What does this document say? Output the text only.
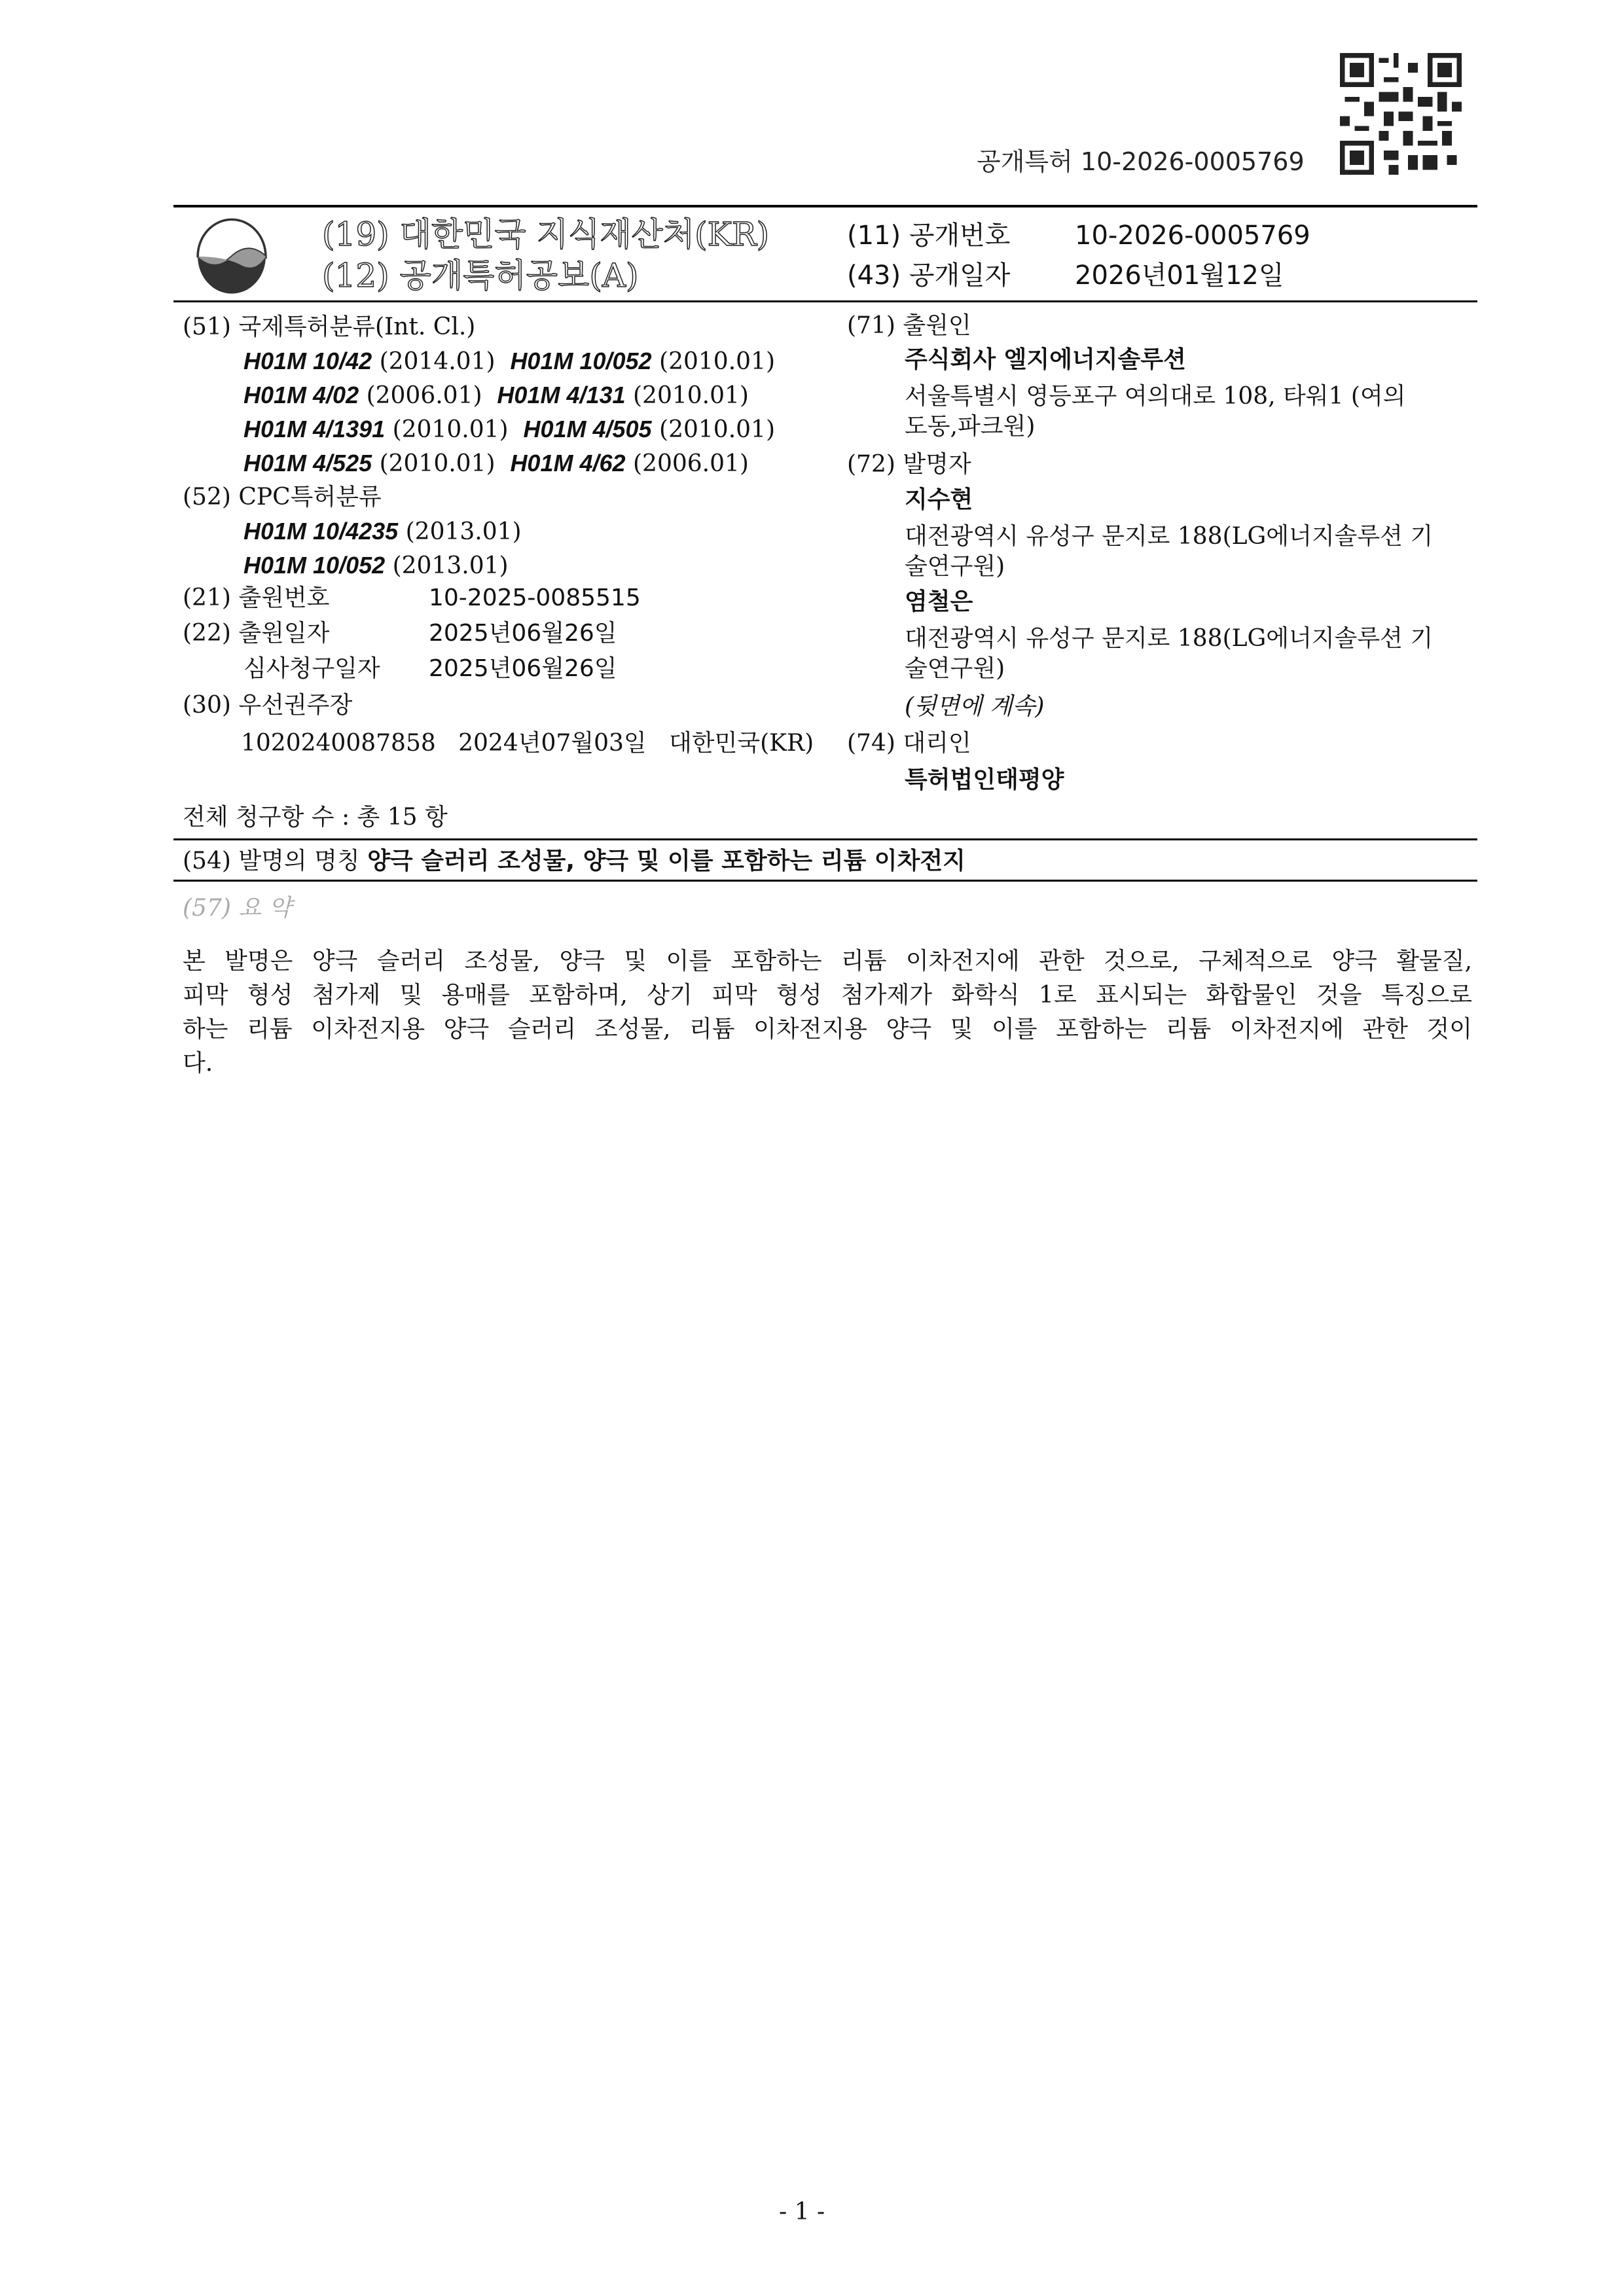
공개특허 10-2026-0005769
(19) 대한민국 지식재산처(KR)
(12) 공개특허공보(A)
(11) 공개번호 10-2026-0005769
(43) 공개일자 2026년01월12일
(51) 국제특허분류(Int. Cl.)
H01M 10/42 (2014.01) H01M 10/052 (2010.01)
H01M 4/02 (2006.01) H01M 4/131 (2010.01)
H01M 4/1391 (2010.01) H01M 4/505 (2010.01)
H01M 4/525 (2010.01) H01M 4/62 (2006.01)
(52) CPC특허분류
H01M 10/4235 (2013.01)
H01M 10/052 (2013.01)
(21) 출원번호	10-2025-0085515
(22) 출원일자	2025년06월26일
심사청구일자 2025년06월26일
(30) 우선권주장
1020240087858 2024년07월03일 대한민국(KR)
(71) 출원인
주식회사 엘지에너지솔루션
서울특별시 영등포구 여의대로 108, 타워1 (여의
도동,파크원)
(72) 발명자
지수현
대전광역시 유성구 문지로 188(LG에너지솔루션 기
술연구원)
염철은
대전광역시 유성구 문지로 188(LG에너지솔루션 기
술연구원)
(뒷면에 계속)
(74) 대리인
특허법인태평양
전체 청구항 수 : 총 15 항
(54) 발명의 명칭 양극 슬러리 조성물, 양극 및 이를 포함하는 리튬 이차전지
(57) 요 약
본 발명은 양극 슬러리 조성물, 양극 및 이를 포함하는 리튬 이차전지에 관한 것으로, 구체적으로 양극 활물질,
피막 형성 첨가제 및 용매를 포함하며, 상기 피막 형성 첨가제가 화학식 1로 표시되는 화합물인 것을 특징으로
하는 리튬 이차전지용 양극 슬러리 조성물, 리튬 이차전지용 양극 및 이를 포함하는 리튬 이차전지에 관한 것이
다.
- 1 -
